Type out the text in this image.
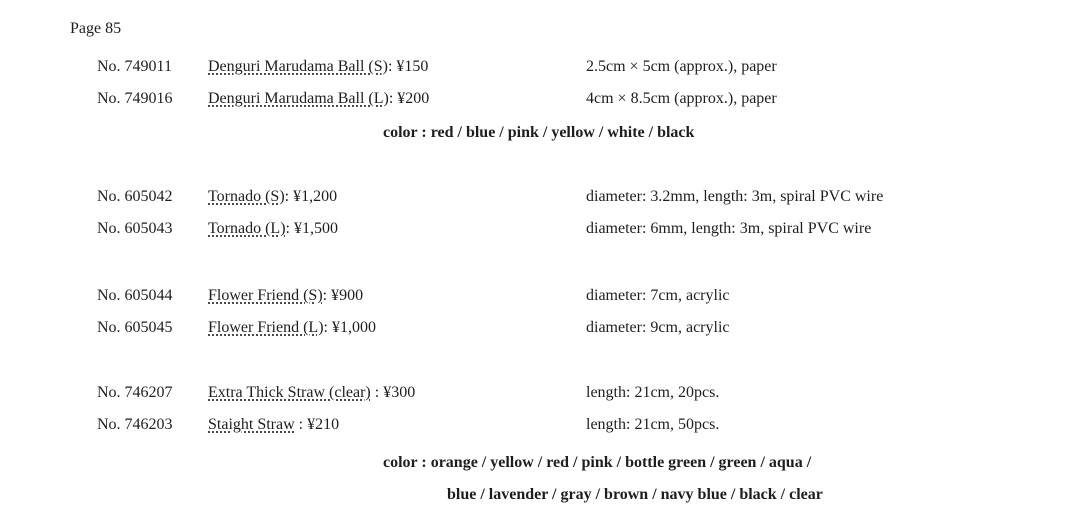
Page 85
No. 749011 Denguri Marudama Ball (S): ¥150	2.5cm × 5cm (approx.), paper
No. 749016 Denguri Marudama Ball (L): ¥200	4cm × 8.5cm (approx.), paper
color : red / blue / pink / yellow / white / black
No. 605042 Tornado (S): ¥1,200	diameter: 3.2mm, length: 3m, spiral PVC wire
No. 605043 Tornado (L): ¥1,500	diameter: 6mm, length: 3m, spiral PVC wire
No. 605044 Flower Friend (S): ¥900	diameter: 7cm, acrylic
No. 605045 Flower Friend (L): ¥1,000	diameter: 9cm, acrylic
No. 746207 Extra Thick Straw (clear) : ¥300	length: 21cm, 20pcs.
No. 746203 Staight Straw : ¥210	length: 21cm, 50pcs.
color : orange / yellow / red / pink / bottle green / green / aqua /
blue / lavender / gray / brown / navy blue / black / clear
